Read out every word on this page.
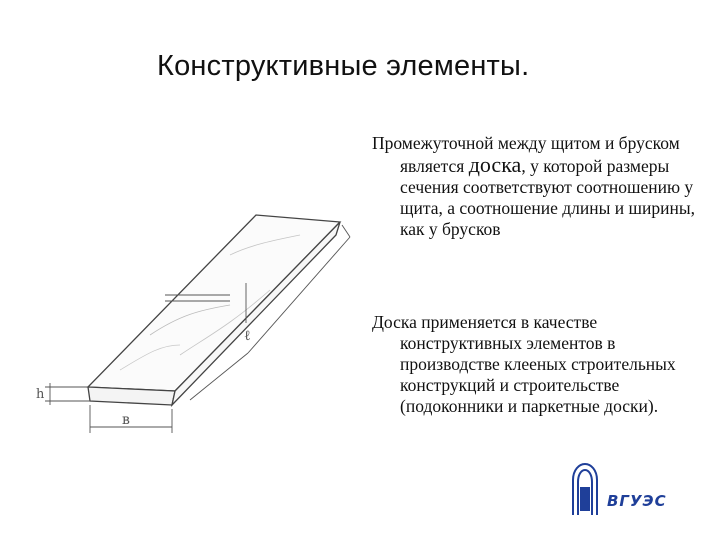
Конструктивные элементы.

Промежуточной между щитом и бруском является доска, у которой размеры сечения соответствуют соотношению у щита, а соотношение длины и ширины, как у брусков

Доска применяется в качестве конструктивных элементов в производстве клееных строительных конструкций и строительстве (подоконники и паркетные доски).

h
в
ℓ
ВГУЭС
